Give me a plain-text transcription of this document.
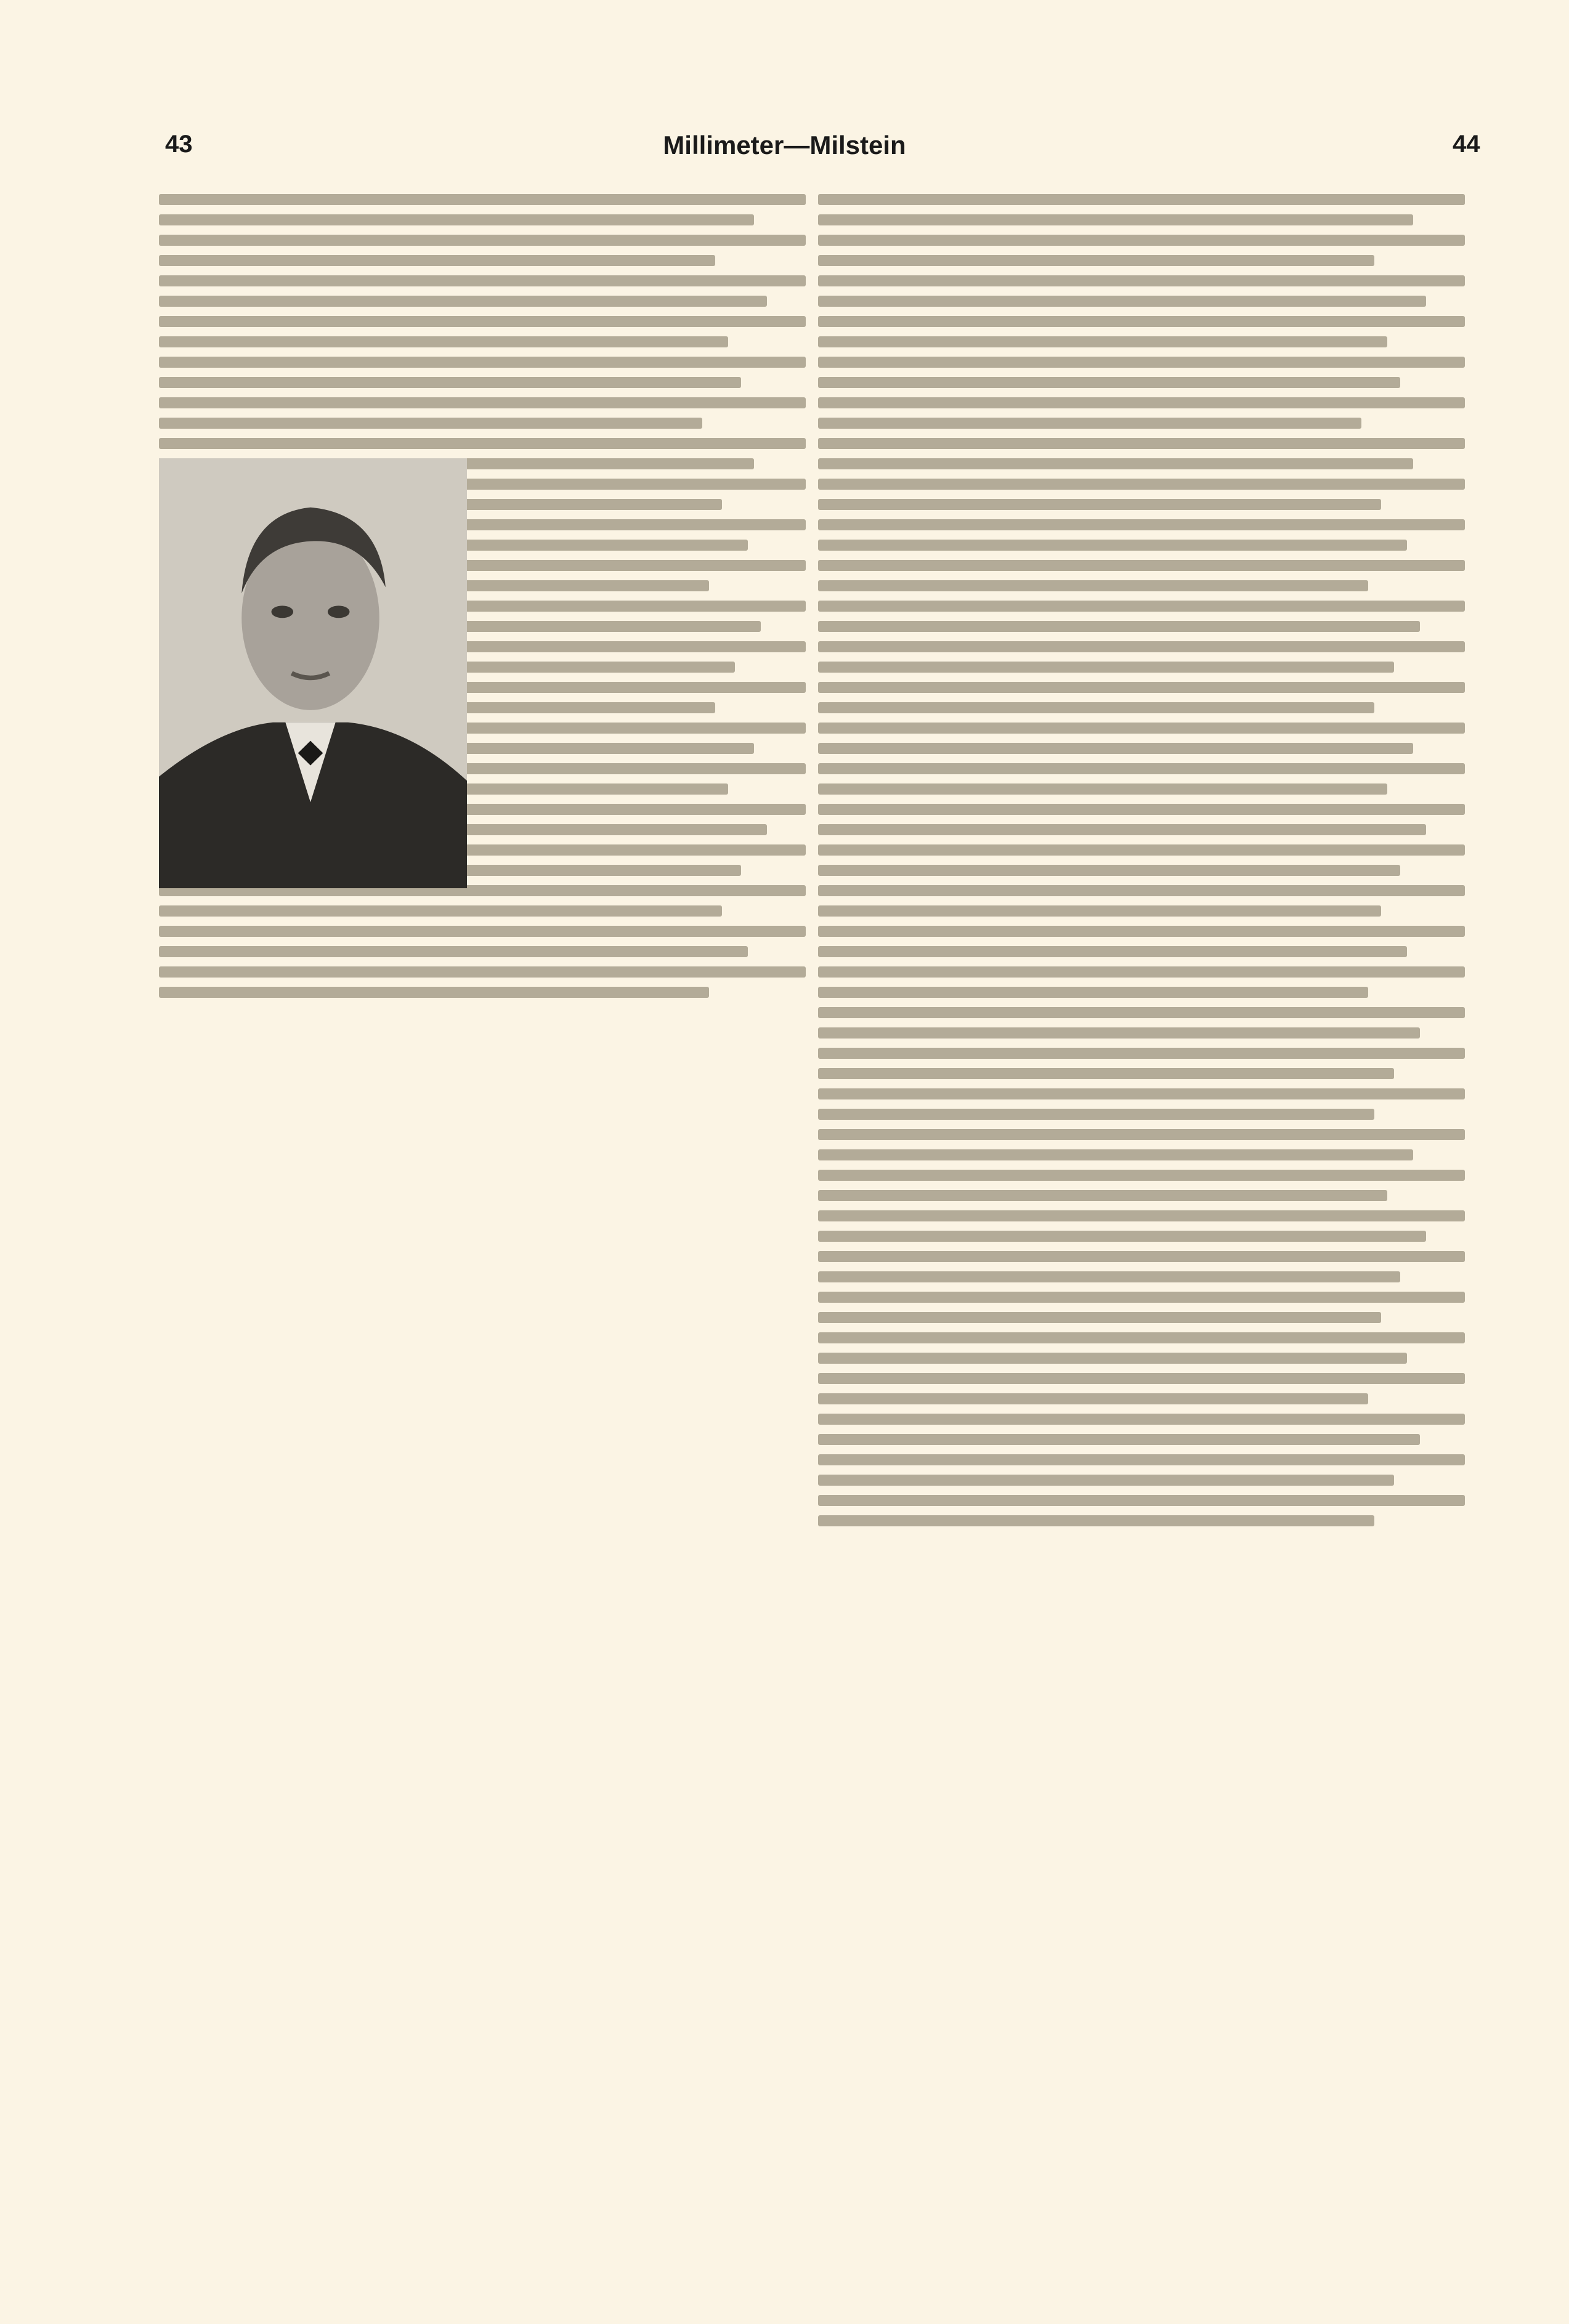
43	Millimeter—Milstein	44
